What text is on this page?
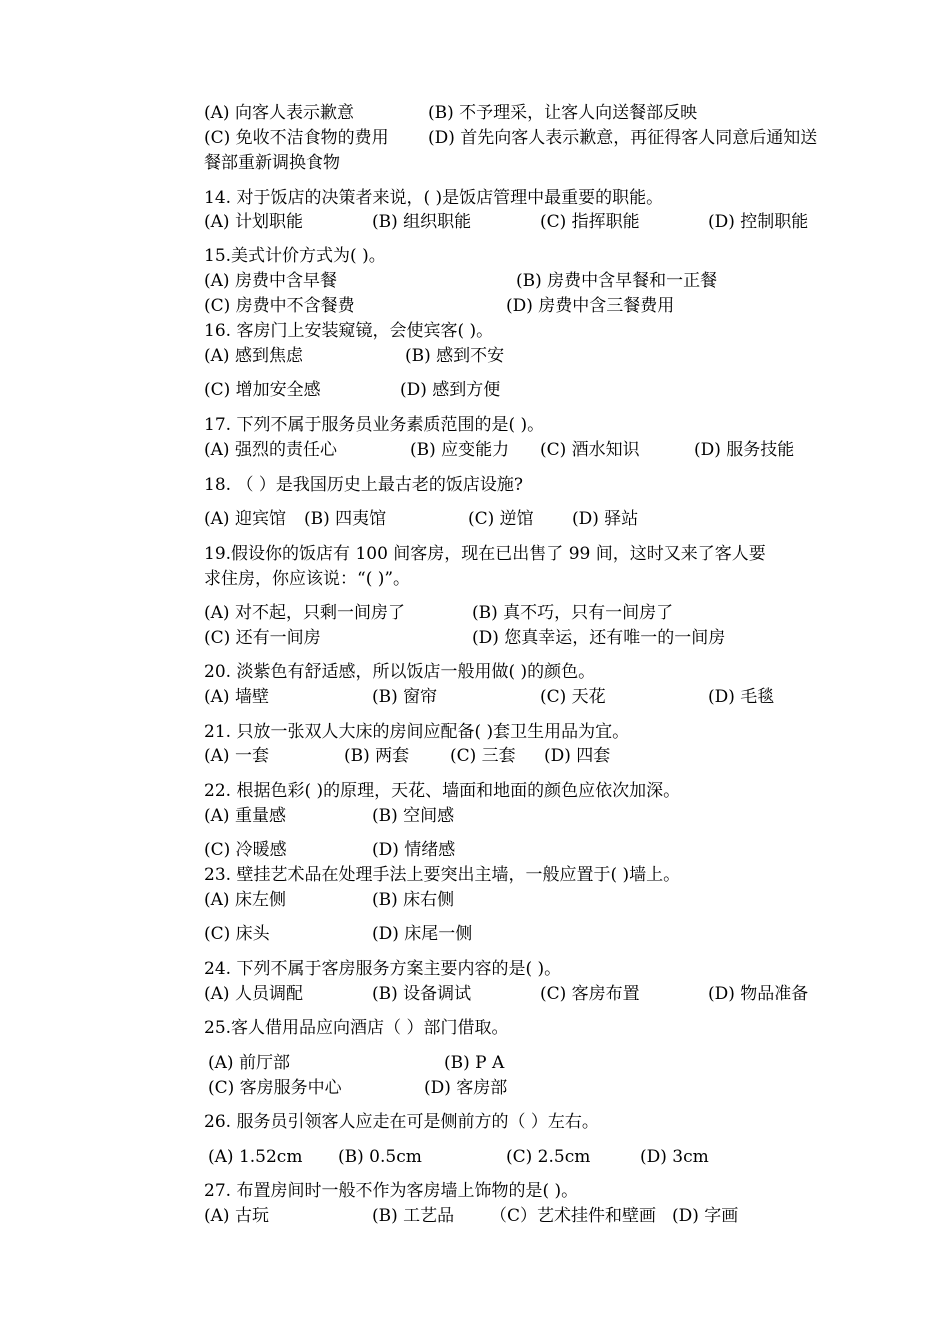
(A) 向客人表示歉意	(B) 不予理采，让客人向送餐部反映
(C) 免收不洁食物的费用 (D) 首先向客人表示歉意，再征得客人同意后通知送
餐部重新调换食物
14. 对于饭店的决策者来说，( )是饭店管理中最重要的职能。
(A) 计划职能	(B) 组织职能	(C) 指挥职能	(D) 控制职能
15.美式计价方式为( )。
(A) 房费中含早餐	(B) 房费中含早餐和一正餐
(C) 房费中不含餐费	(D) 房费中含三餐费用
16. 客房门上安装窥镜，会使宾客( )。
(A) 感到焦虑	(B) 感到不安
(C) 增加安全感	(D) 感到方便
17. 下列不属于服务员业务素质范围的是( )。
(A) 强烈的责任心	(B) 应变能力 (C) 酒水知识	(D) 服务技能
18. （ ）是我国历史上最古老的饭店设施?
(A) 迎宾馆 (B) 四夷馆	(C) 逆馆 (D) 驿站
19.假设你的饭店有 100 间客房，现在已出售了 99 间，这时又来了客人要
求住房，你应该说：“( )”。
(A) 对不起，只剩一间房了	(B) 真不巧，只有一间房了
(C) 还有一间房	(D) 您真幸运，还有唯一的一间房
20. 淡紫色有舒适感，所以饭店一般用做( )的颜色。
(A) 墙壁	(B) 窗帘	(C) 天花	(D) 毛毯
21. 只放一张双人大床的房间应配备( )套卫生用品为宜。
(A) 一套	(B) 两套 (C) 三套 (D) 四套
22. 根据色彩( )的原理，天花、墙面和地面的颜色应依次加深。
(A) 重量感	(B) 空间感
(C) 冷暖感	(D) 情绪感
23. 壁挂艺术品在处理手法上要突出主墙，一般应置于( )墙上。
(A) 床左侧	(B) 床右侧
(C) 床头	(D) 床尾一侧
24. 下列不属于客房服务方案主要内容的是( )。
(A) 人员调配	(B) 设备调试	(C) 客房布置	(D) 物品准备
25.客人借用品应向酒店（ ）部门借取。
(A) 前厅部	(B) P A
(C) 客房服务中心	(D) 客房部
26. 服务员引领客人应走在可是侧前方的（ ）左右。
(A) 1.52cm (B) 0.5cm	(C) 2.5cm	(D) 3cm
27. 布置房间时一般不作为客房墙上饰物的是( )。
(A) 古玩	(B) 工艺品 （C）艺术挂件和壁画 (D) 字画
